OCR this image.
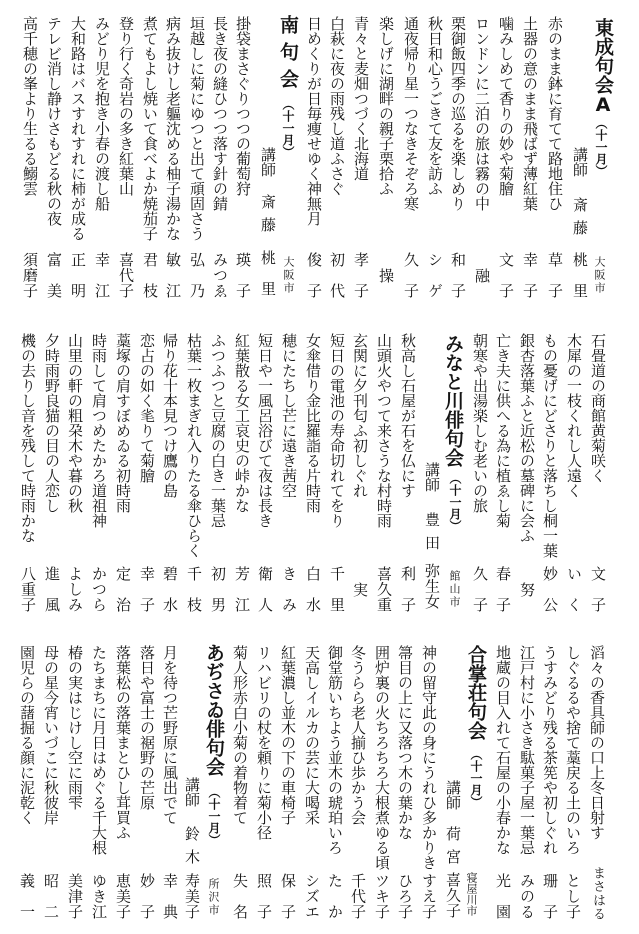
東成句会A
（十一月）
大阪市
講師
斎藤
桃里
赤のまま鉢に育てて路地住ひ
草子
土器の意のまま飛ばず薄紅葉
幸子
噛みしめて香りの妙や菊膾
文子
ロンドンに二泊の旅は霧の中
融
栗御飯四季の巡るを楽しめり
和子
秋日和心うごきて友を訪ふ
シゲ
通夜帰り星一つなきそぞろ寒
久子
楽しげに湖畔の親子栗拾ふ
操
青々と麦畑つづく北海道
孝子
白萩に夜の雨残し道ふさぐ
初代
日めくりが日毎痩せゆく神無月
俊子
南句会
（十一月）
大阪市
講師
斎藤
桃里
掛袋まさぐりつつの葡萄狩
瑛子
長き夜の縫ひつつ落す針の錆
みつゑ
垣越しに菊にゆつと出て頑固さう
弘乃
病み抜けし老軀沈める柚子湯かな
敏江
煮てもよし焼いて食べよか焼茄子
君枝
登り行く奇岩の多き紅葉山
喜代子
みどり児を抱き小春の渡し船
幸江
大和路はバスすれすれに柿が成る
正明
テレビ消し静けさもどる秋の夜
富美
高千穂の峯より生るる鰯雲
須磨子
石畳道の商館黄菊咲く
文子
木犀の一枝くれし人遠く
いく
もの憂げにどさりと落ちし桐一葉
妙公
銀杏落葉ふと近松の墓碑に会ふ
努
亡き夫に供へる為に植ゑし菊
春子
朝寒や出湯楽しむ老いの旅
久子
みなと川俳句会
（十一月）
館山市
講師
豊田
弥生女
秋高し石屋が石を仏にす
利子
山頭火やつて来さうな村時雨
喜久重
玄関に夕刊匂ふ初しぐれ
実
短日の電池の寿命切れてをり
千里
女傘借り金比羅詣る片時雨
白水
穂にたちし芒に遠き茜空
きみ
短日や一風呂浴びて夜は長き
衛人
紅葉散る女工哀史の峠かな
芳江
ふつふつと豆腐の白き一葉忌
初男
枯葉一枚まぎれ入りたる傘ひらく
千枝
帰り花十本見つけ鷹の島
碧水
恋占の如く毟りて菊膾
幸子
藁塚の肩すぼめゐる初時雨
定治
時雨して肩つめたかろ道祖神
かつら
山里の軒の粗朶木や暮の秋
よしみ
夕時雨野良猫の目の人恋し
進風
機の去りし音を残して時雨かな
八重子
滔々の香具師の口上冬日射す
まさはる
しぐるるや捨て藁戻る土のいろ
とし子
うすみどり残る茶筅や初しぐれ
珊子
江戸村に小さき駄菓子屋一葉忌
みのる
地蔵の目入れて石屋の小春かな
光園
合掌荘句会
（十一月）
寝屋川市
講師
荷宮
喜久子
神の留守此の身にうれひ多かりき
すえ子
箒目の上に又落つ木の葉かな
ひろ子
囲炉裏の火ちろちろ大根煮ゆる頃
ツキ子
冬うらら老人揃ひ歩かう会
千代子
御堂筋いちよう並木の琥珀いろ
たか
天高しイルカの芸に大喝采
シズエ
紅葉濃し並木の下の車椅子
保子
リハビリの杖を頼りに菊小径
照子
菊人形赤白小菊の着物着て
失名
あぢさゐ俳句会
（十一月）
所沢市
講師
鈴木
寿美子
月を待つ芒野原に風出でて
幸典
落日や富士の裾野の芒原
妙子
落葉松の落葉まとひし茸買ふ
恵美子
たちまちに月日はめぐる千大根
ゆき江
椿の実はじけし空に雨雫
美津子
母の星今宵いづこに秋彼岸
昭二
園児らの藷掘る顔に泥乾く
義一
